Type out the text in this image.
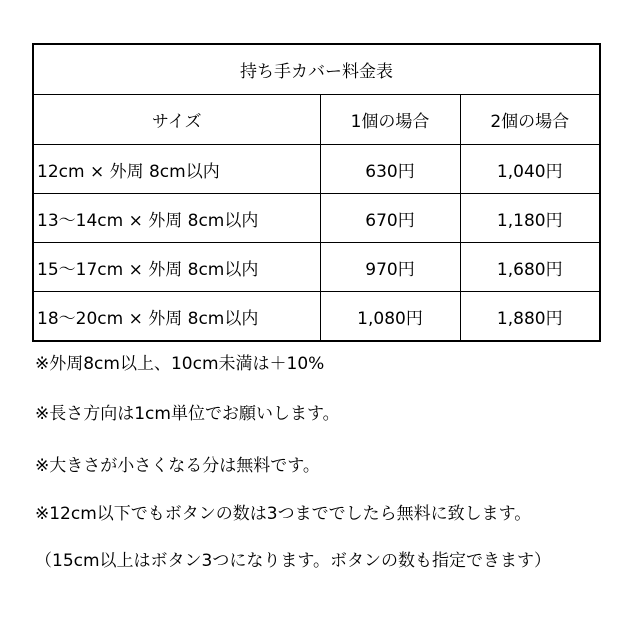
持ち手カバー料金表		
サイズ	1個の場合	2個の場合
12cm × 外周 8cm以内	630円	1,040円
13〜14cm × 外周 8cm以内	670円	1,180円
15〜17cm × 外周 8cm以内	970円	1,680円
18〜20cm × 外周 8cm以内	1,080円	1,880円
※外周8cm以上、10cm未満は＋10%
※長さ方向は1cm単位でお願いします。
※大きさが小さくなる分は無料です。
※12cm以下でもボタンの数は3つまででしたら無料に致します。
（15cm以上はボタン3つになります。ボタンの数も指定できます）
